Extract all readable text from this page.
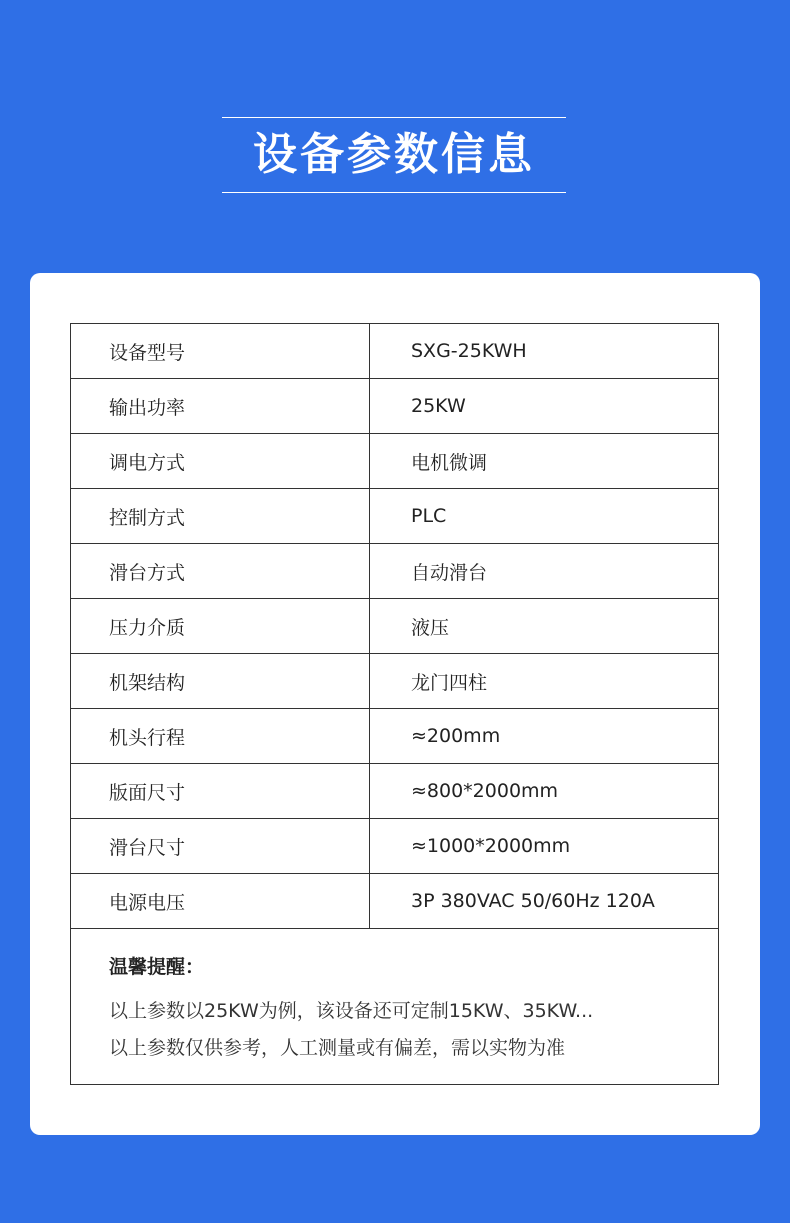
设备参数信息
设备型号	SXG-25KWH
输出功率	25KW
调电方式	电机微调
控制方式	PLC
滑台方式	自动滑台
压力介质	液压
机架结构	龙门四柱
机头行程	≈200mm
版面尺寸	≈800*2000mm
滑台尺寸	≈1000*2000mm
电源电压	3P 380VAC 50/60Hz 120A
温馨提醒：
以上参数以25KW为例，该设备还可定制15KW、35KW...
以上参数仅供参考，人工测量或有偏差，需以实物为准
